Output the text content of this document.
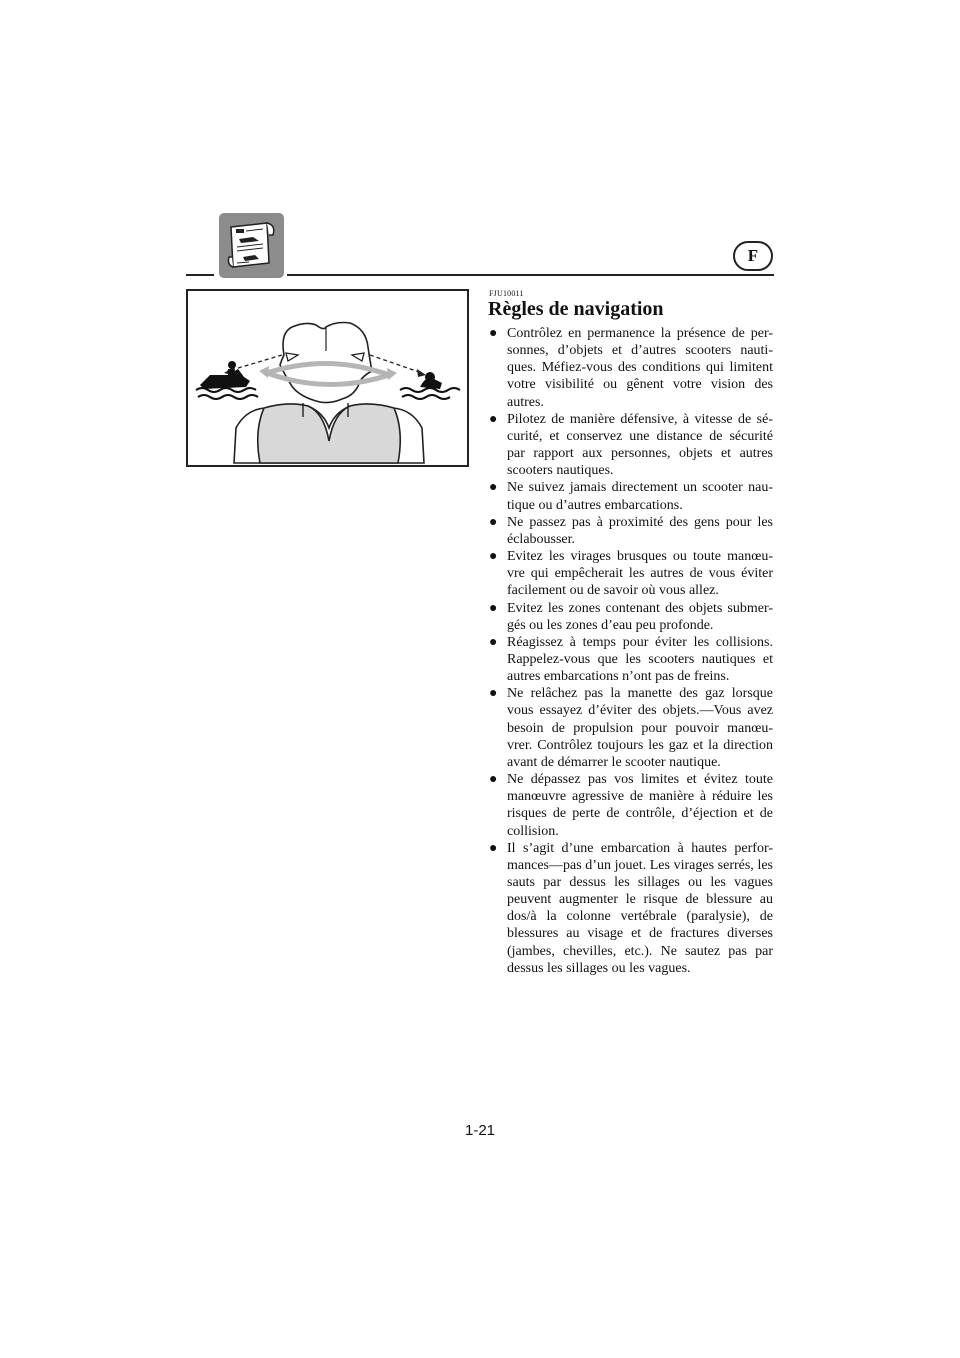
F
FJU10011
Règles de navigation
● Contrôlez en permanence la présence de per-sonnes, d’objets et d’autres scooters nauti-ques. Méfiez-vous des conditions qui limitent votre visibilité ou gênent votre vision des autres.
● Pilotez de manière défensive, à vitesse de sé-curité, et conservez une distance de sécurité par rapport aux personnes, objets et autres scooters nautiques.
● Ne suivez jamais directement un scooter nau-tique ou d’autres embarcations.
● Ne passez pas à proximité des gens pour les éclabousser.
● Evitez les virages brusques ou toute manœu-vre qui empêcherait les autres de vous éviter facilement ou de savoir où vous allez.
● Evitez les zones contenant des objets submer-gés ou les zones d’eau peu profonde.
● Réagissez à temps pour éviter les collisions. Rappelez-vous que les scooters nautiques et autres embarcations n’ont pas de freins.
● Ne relâchez pas la manette des gaz lorsque vous essayez d’éviter des objets.—Vous avez besoin de propulsion pour pouvoir manœu-vrer. Contrôlez toujours les gaz et la direction avant de démarrer le scooter nautique.
● Ne dépassez pas vos limites et évitez toute manœuvre agressive de manière à réduire les risques de perte de contrôle, d’éjection et de collision.
● Il s’agit d’une embarcation à hautes perfor-mances—pas d’un jouet. Les virages serrés, les sauts par dessus les sillages ou les vagues peuvent augmenter le risque de blessure au dos/à la colonne vertébrale (paralysie), de blessures au visage et de fractures diverses (jambes, chevilles, etc.). Ne sautez pas par dessus les sillages ou les vagues.
1-21
